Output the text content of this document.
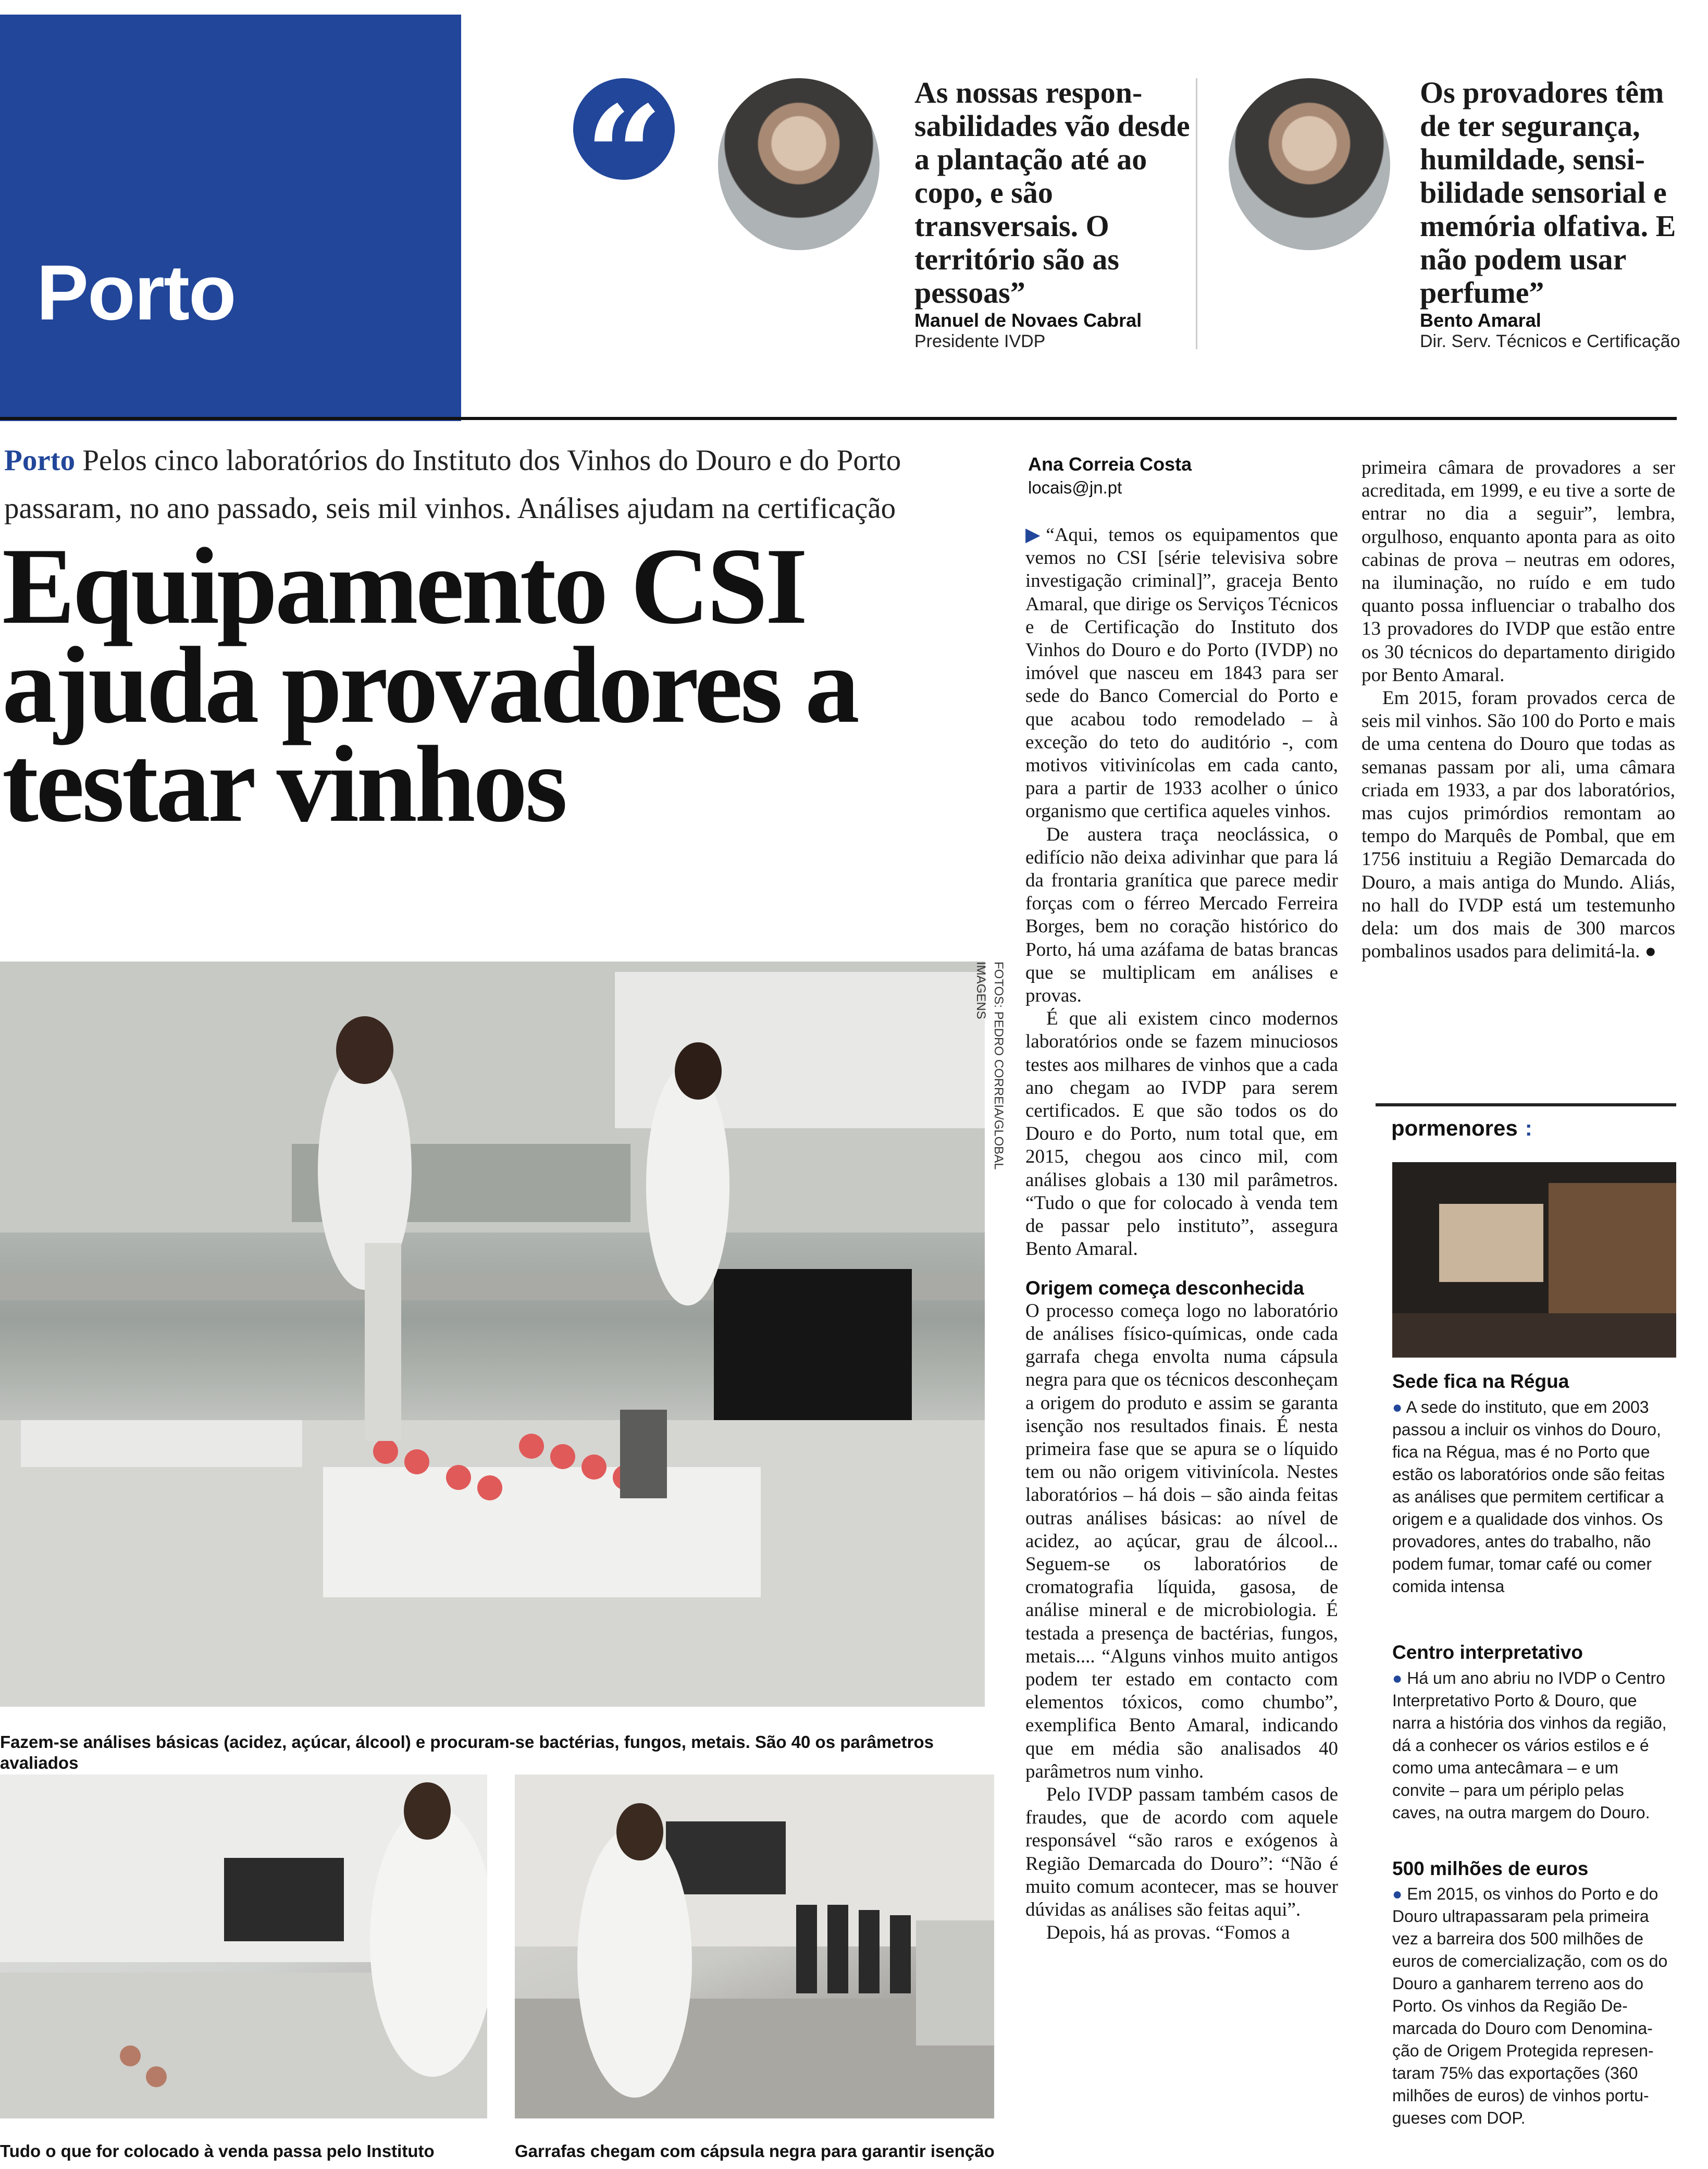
Porto
“	As nossas responsabilidades vão desde a plantação até ao copo, e são transversais. O território são as pessoas”
Manuel de Novaes Cabral
Presidente IVDP
Os provadores têm de ter segurança, humildade, sensibilidade sensorial e memória olfativa. E não podem usar perfume”
Bento Amaral
Dir. Serv. Técnicos e Certificação
Porto Pelos cinco laboratórios do Instituto dos Vinhos do Douro e do Porto passaram, no ano passado, seis mil vinhos. Análises ajudam na certificação
Equipamento CSI ajuda provadores a testar vinhos
FOTOS: PEDRO CORREIA/GLOBAL IMAGENS
Fazem-se análises básicas (acidez, açúcar, álcool) e procuram-se bactérias, fungos, metais. São 40 os parâmetros avaliados
Tudo o que for colocado à venda passa pelo Instituto	Garrafas chegam com cápsula negra para garantir isenção
Ana Correia Costa
locais@jn.pt

▶“Aqui, temos os equipamentos que vemos no CSI [série televisiva sobre investigação criminal]”, graceja Bento Amaral, que dirige os Serviços Técnicos e de Certificação do Instituto dos Vinhos do Douro e do Porto (IVDP) no imóvel que nasceu em 1843 para ser sede do Banco Comercial do Porto e que acabou todo remodelado – à exceção do teto do auditório -, com motivos vitivinícolas em cada canto, para a partir de 1933 acolher o único organismo que certifica aqueles vinhos.

De austera traça neoclássica, o edifício não deixa adivinhar que para lá da frontaria granítica que parece medir forças com o férreo Mercado Ferreira Borges, bem no coração histórico do Porto, há uma azáfama de batas brancas que se multiplicam em análises e provas.

É que ali existem cinco modernos laboratórios onde se fazem minuciosos testes aos milhares de vinhos que a cada ano chegam ao IVDP para serem certificados. E que são todos os do Douro e do Porto, num total que, em 2015, chegou aos cinco mil, com análises globais a 130 mil parâmetros. “Tudo o que for colocado à venda tem de passar pelo instituto”, assegura Bento Amaral.

Origem começa desconhecida

O processo começa logo no laboratório de análises físico-químicas, onde cada garrafa chega envolta numa cápsula negra para que os técnicos desconheçam a origem do produto e assim se garanta isenção nos resultados finais. É nesta primeira fase que se apura se o líquido tem ou não origem vitivinícola. Nestes laboratórios – há dois – são ainda feitas outras análises básicas: ao nível de acidez, ao açúcar, grau de álcool... Seguem-se os laboratórios de cromatografia líquida, gasosa, de análise mineral e de microbiologia. É testada a presença de bactérias, fungos, metais.... “Alguns vinhos muito antigos podem ter estado em contacto com elementos tóxicos, como chumbo”, exemplifica Bento Amaral, indicando que em média são analisados 40 parâmetros num vinho.

Pelo IVDP passam também casos de fraudes, que de acordo com aquele responsável “são raros e exógenos à Região Demarcada do Douro”: “Não é muito comum acontecer, mas se houver dúvidas as análises são feitas aqui”.

Depois, há as provas. “Fomos a

primeira câmara de provadores a ser acreditada, em 1999, e eu tive a sorte de entrar no dia a seguir”, lembra, orgulhoso, enquanto aponta para as oito cabinas de prova – neutras em odores, na iluminação, no ruído e em tudo quanto possa influenciar o trabalho dos 13 provadores do IVDP que estão entre os 30 técnicos do departamento dirigido por Bento Amaral.

Em 2015, foram provados cerca de seis mil vinhos. São 100 do Porto e mais de uma centena do Douro que todas as semanas passam por ali, uma câmara criada em 1933, a par dos laboratórios, mas cujos primórdios remontam ao tempo do Marquês de Pombal, que em 1756 instituiu a Região Demarcada do Douro, a mais antiga do Mundo. Aliás, no hall do IVDP está um testemunho dela: um dos mais de 300 marcos pombalinos usados para delimitá-la. ●

pormenores :
Sede fica na Régua
● A sede do instituto, que em 2003 passou a incluir os vinhos do Douro, fica na Régua, mas é no Porto que estão os laboratórios onde são feitas as análises que permitem certificar a origem e a qualidade dos vinhos. Os provadores, antes do trabalho, não podem fumar, tomar café ou comer comida intensa
Centro interpretativo
● Há um ano abriu no IVDP o Centro Interpretativo Porto & Douro, que narra a história dos vinhos da região, dá a conhecer os vários estilos e é como uma antecâmara – e um convite – para um périplo pelas caves, na outra margem do Douro.
500 milhões de euros
● Em 2015, os vinhos do Porto e do Douro ultrapassaram pela primeira vez a barreira dos 500 milhões de euros de comercialização, com os do Douro a ganharem terreno aos do Porto. Os vinhos da Região Demarcada do Douro com Denominação de Origem Protegida representaram 75% das exportações (360 milhões de euros) de vinhos portugueses com DOP.
